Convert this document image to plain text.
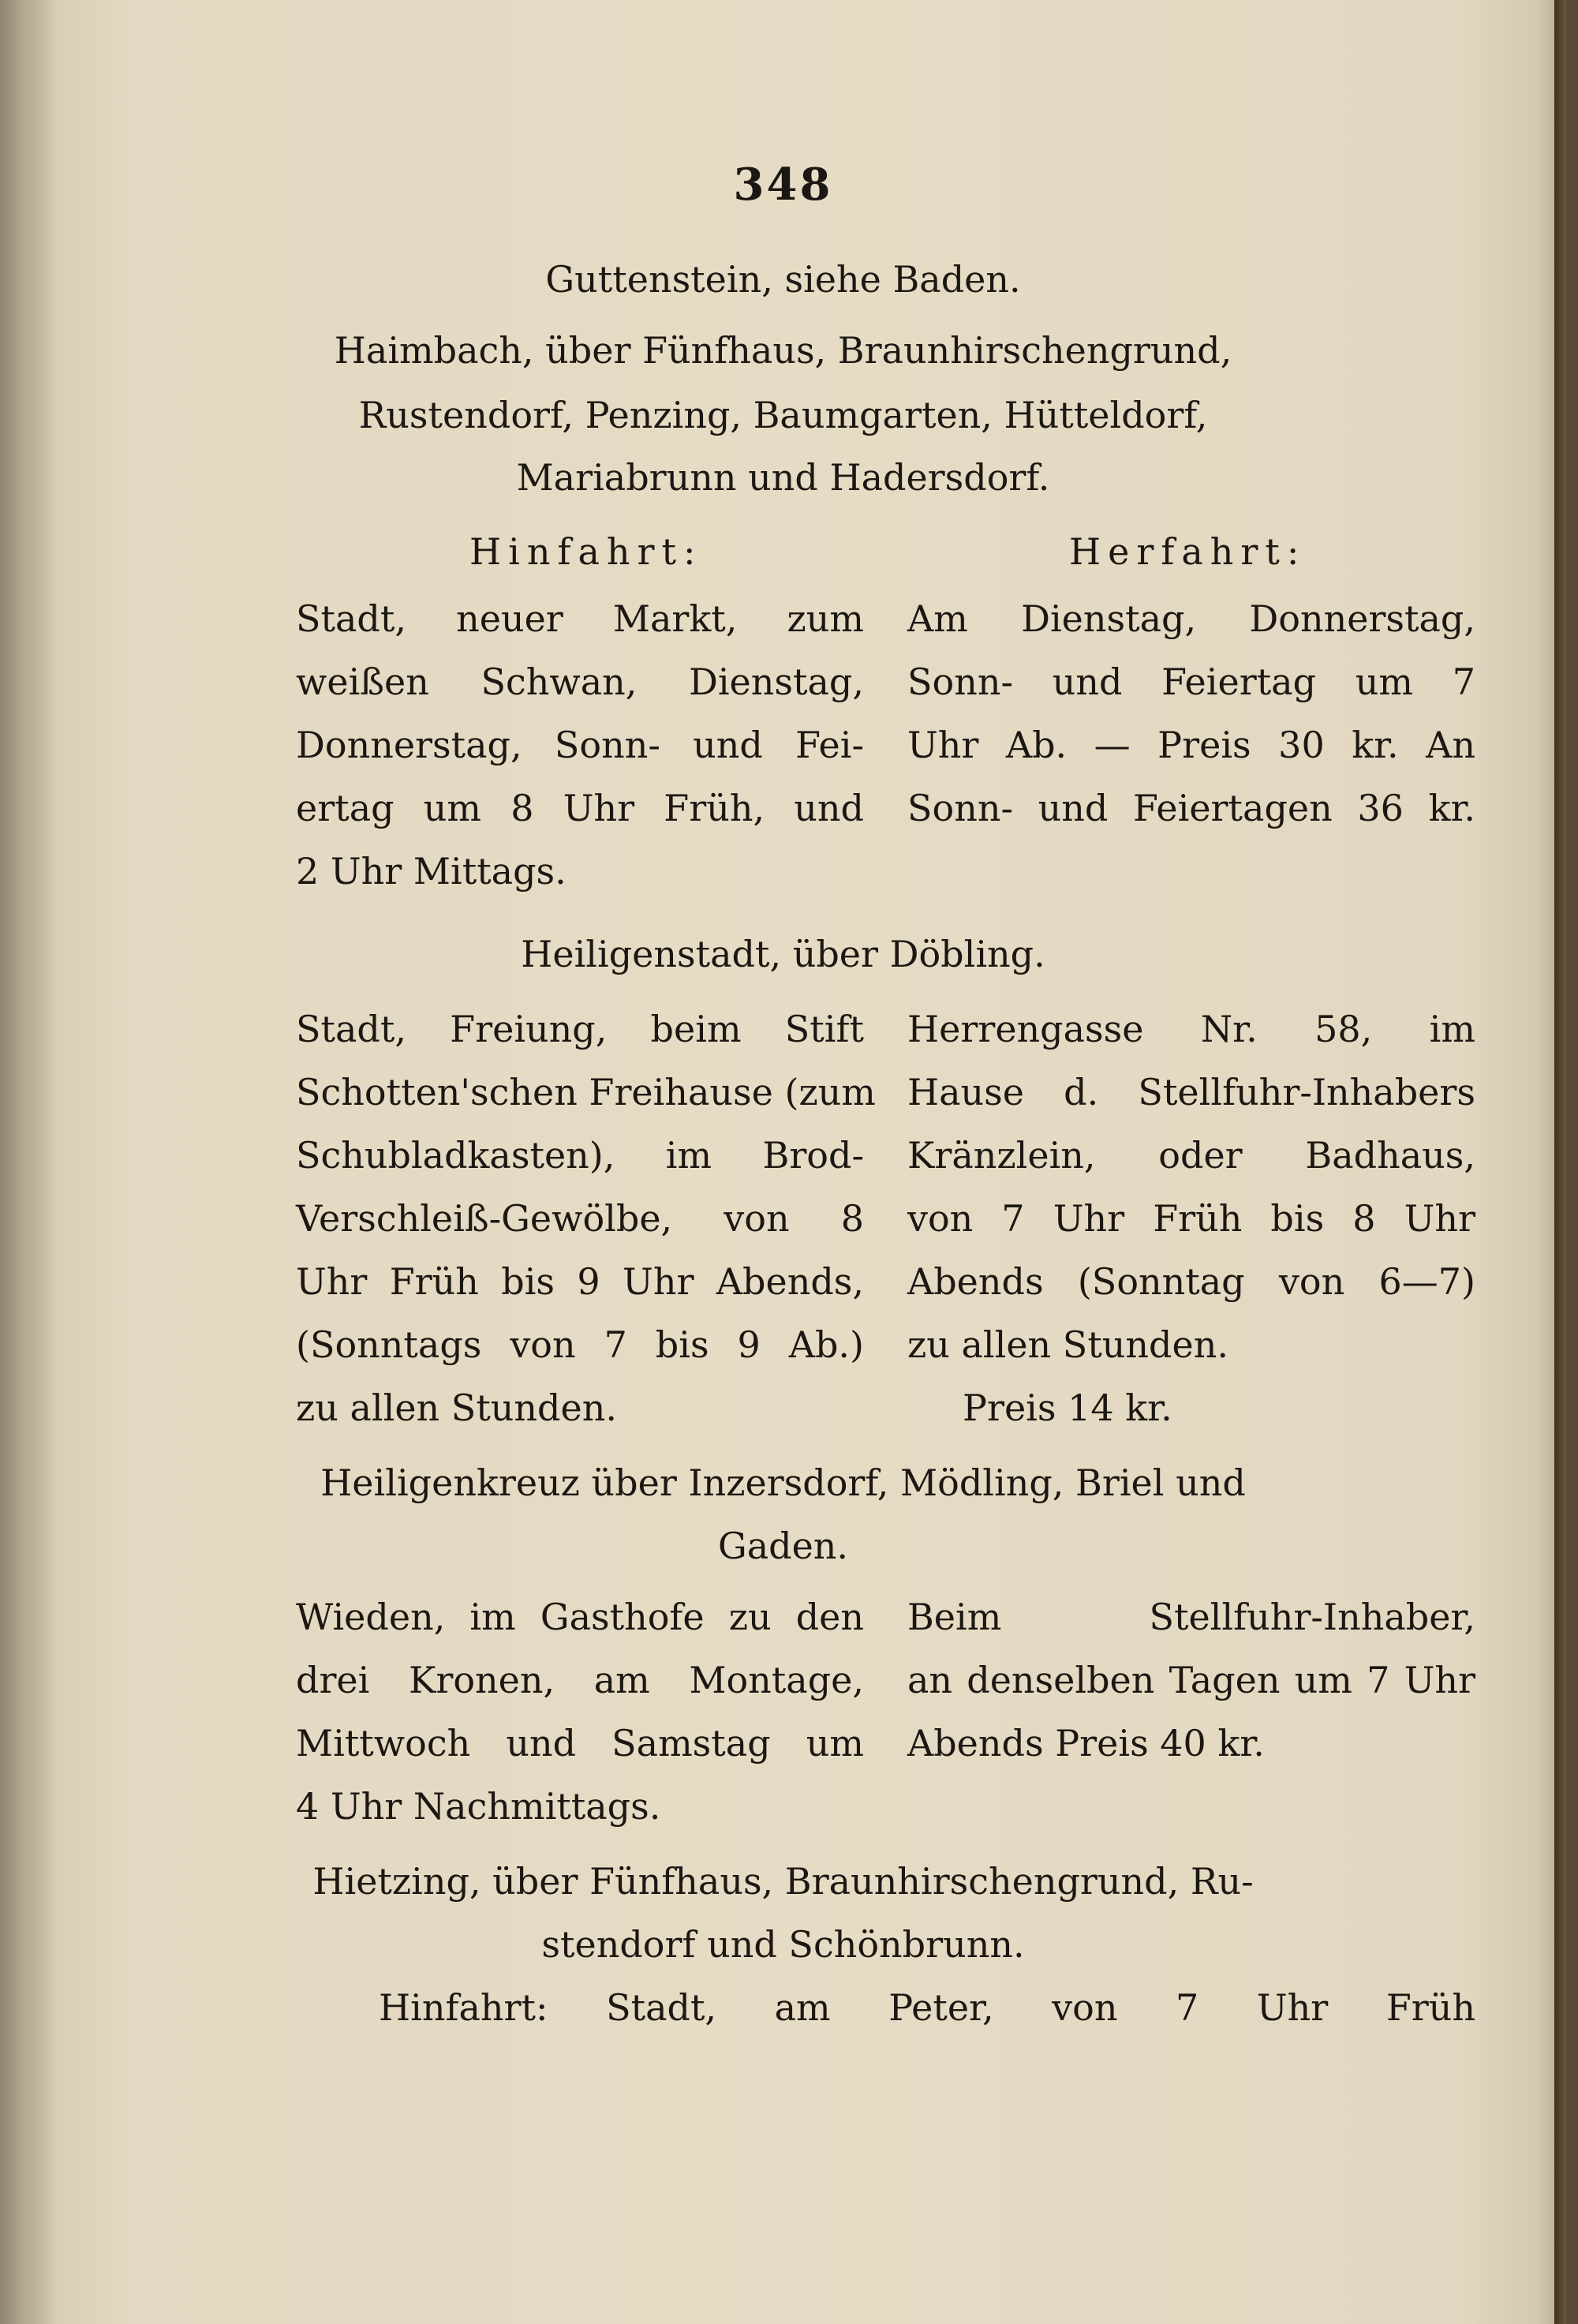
348
Guttenstein, siehe Baden.
Haimbach, über Fünfhaus, Braunhirschengrund,
Rustendorf, Penzing, Baumgarten, Hütteldorf,
Mariabrunn und Hadersdorf.
Hinfahrt:	Herfahrt:
Stadt, neuer Markt, zum
weißen Schwan, Dienstag,
Donnerstag, Sonn- und Fei-
ertag um 8 Uhr Früh, und
2 Uhr Mittags.
Am Dienstag, Donnerstag,
Sonn- und Feiertag um 7
Uhr Ab. — Preis 30 kr. An
Sonn- und Feiertagen 36 kr.
Heiligenstadt, über Döbling.
Stadt, Freiung, beim Stift
Schotten'schen Freihause (zum
Schubladkasten), im Brod-
Verschleiß-Gewölbe, von 8
Uhr Früh bis 9 Uhr Abends,
(Sonntags von 7 bis 9 Ab.)
zu allen Stunden.
Herrengasse Nr. 58, im
Hause d. Stellfuhr-Inhabers
Kränzlein, oder Badhaus,
von 7 Uhr Früh bis 8 Uhr
Abends (Sonntag von 6—7)
zu allen Stunden.
Preis 14 kr.
Heiligenkreuz über Inzersdorf, Mödling, Briel und
Gaden.
Wieden, im Gasthofe zu den
drei Kronen, am Montage,
Mittwoch und Samstag um
4 Uhr Nachmittags.
Beim Stellfuhr-Inhaber,
an denselben Tagen um 7 Uhr
Abends Preis 40 kr.
Hietzing, über Fünfhaus, Braunhirschengrund, Ru-
stendorf und Schönbrunn.
Hinfahrt: Stadt, am Peter, von 7 Uhr Früh
